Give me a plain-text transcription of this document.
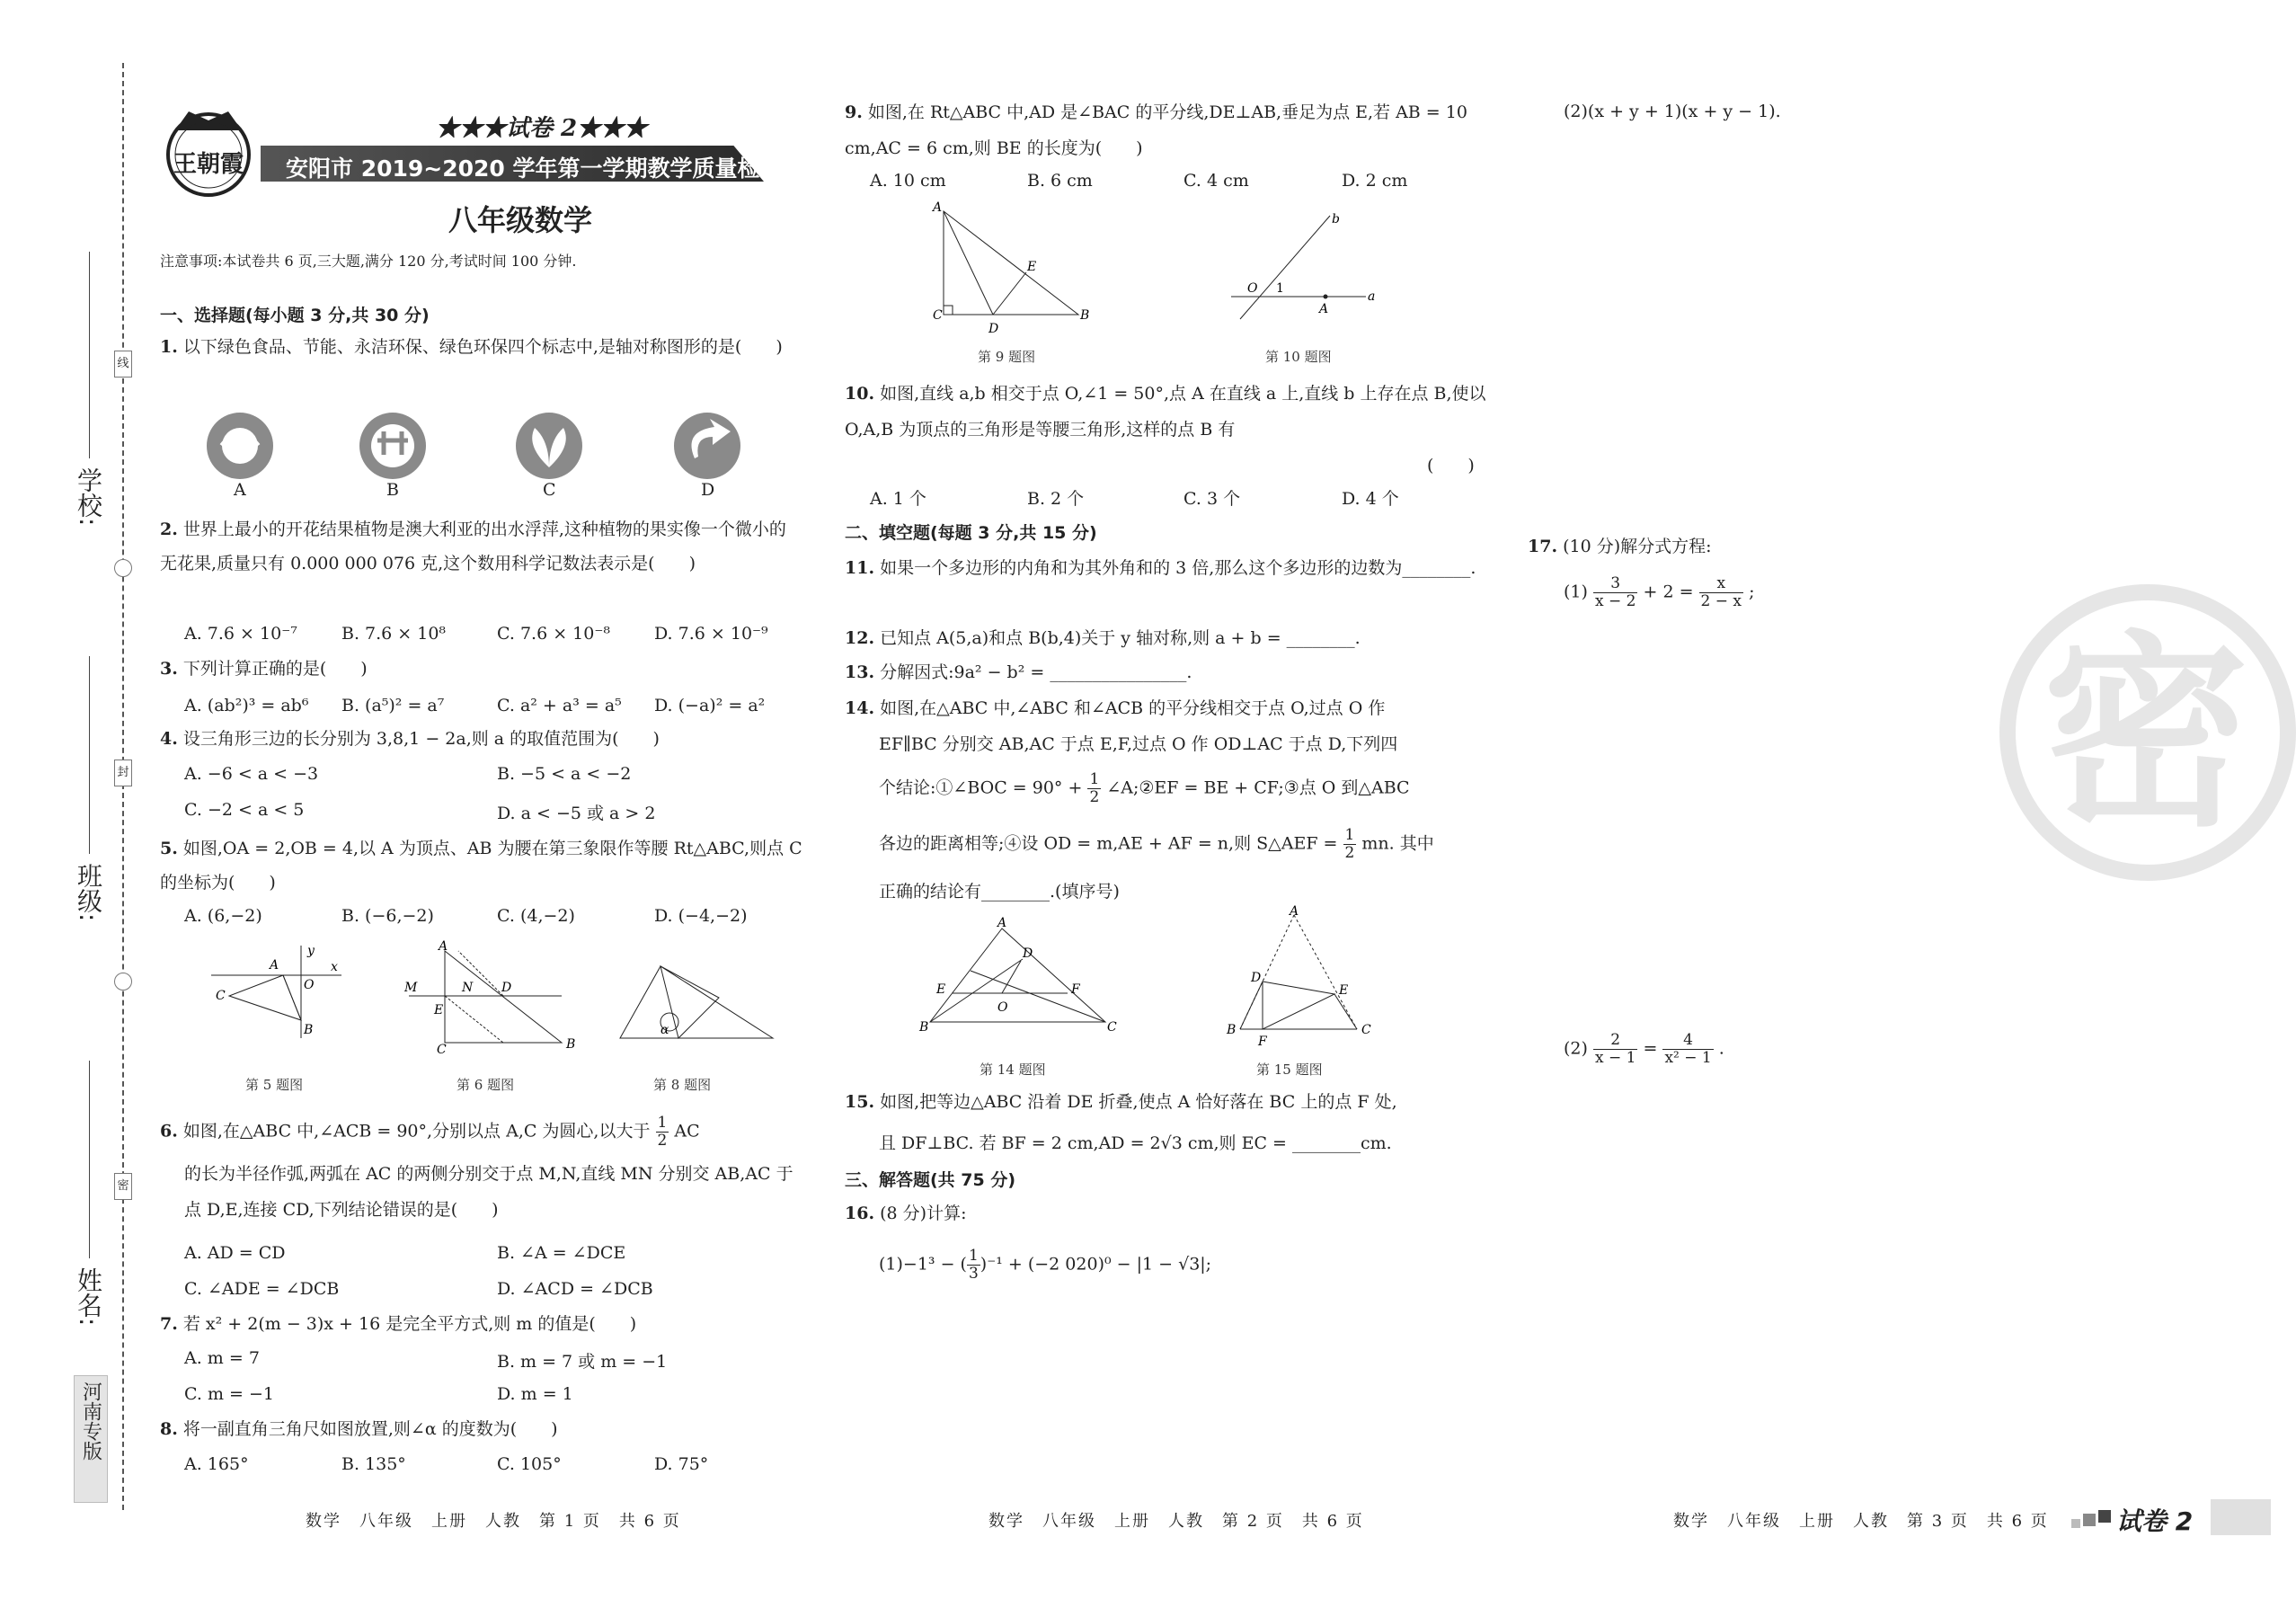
学校:
班级:
姓名:
线
封
密
河南专版
王朝霞
★★★试卷 2★★★
安阳市 2019~2020 学年第一学期教学质量检测试题卷
八年级数学
注意事项:本试卷共 6 页,三大题,满分 120 分,考试时间 100 分钟.
一、选择题(每小题 3 分,共 30 分)
1. 以下绿色食品、节能、永洁环保、绿色环保四个标志中,是轴对称图形的是(　　)
A	B	C	D
2. 世界上最小的开花结果植物是澳大利亚的出水浮萍,这种植物的果实像一个微小的无花果,质量只有 0.000 000 076 克,这个数用科学记数法表示是(　　)
A. 7.6 × 10⁻⁷	B. 7.6 × 10⁸	C. 7.6 × 10⁻⁸	D. 7.6 × 10⁻⁹
3. 下列计算正确的是(　　)
A. (ab²)³ = ab⁶ B. (a⁵)² = a⁷	C. a² + a³ = a⁵ D. (−a)² = a²
4. 设三角形三边的长分别为 3,8,1 − 2a,则 a 的取值范围为(　　)
A. −6 < a < −3	B. −5 < a < −2
C. −2 < a < 5	D. a < −5 或 a > 2
5. 如图,OA = 2,OB = 4,以 A 为顶点、AB 为腰在第三象限作等腰 Rt△ABC,则点 C 的坐标为(　　)
A. (6,−2)	B. (−6,−2)	C. (4,−2)	D. (−4,−2)
A
C
O
B
x
y	A
M	N D
E
C	B
α
第 5 题图	第 6 题图	第 8 题图
6. 如图,在△ABC 中,∠ACB = 90°,分别以点 A,C 为圆心,以大于 $\frac{1}{2}$ AC
的长为半径作弧,两弧在 AC 的两侧分别交于点 M,N,直线 MN 分别交 AB,AC 于点 D,E,连接 CD,下列结论错误的是(　　)
A. AD = CD	B. ∠A = ∠DCE
C. ∠ADE = ∠DCB	D. ∠ACD = ∠DCB
7. 若 x² + 2(m − 3)x + 16 是完全平方式,则 m 的值是(　　)
A. m = 7	B. m = 7 或 m = −1
C. m = −1	D. m = 1
8. 将一副直角三角尺如图放置,则∠α 的度数为(　　)
A. 165°	B. 135°	C. 105°	D. 75°
数学　八年级　上册　人教　第 1 页　共 6 页
9. 如图,在 Rt△ABC 中,AD 是∠BAC 的平分线,DE⊥AB,垂足为点 E,若 AB = 10 cm,AC = 6 cm,则 BE 的长度为(　　)
A. 10 cm	B. 6 cm	C. 4 cm	D. 2 cm
A
C
D
E
B
O 1
A
a
b
第 9 题图	第 10 题图
10. 如图,直线 a,b 相交于点 O,∠1 = 50°,点 A 在直线 a 上,直线 b 上存在点 B,使以 O,A,B 为顶点的三角形是等腰三角形,这样的点 B 有
(　　)
A. 1 个	B. 2 个	C. 3 个	D. 4 个
二、填空题(每题 3 分,共 15 分)
11. 如果一个多边形的内角和为其外角和的 3 倍,那么这个多边形的边数为________.
12. 已知点 A(5,a)和点 B(b,4)关于 y 轴对称,则 a + b = ________.
13. 分解因式:9a² − b² = ________________.
14. 如图,在△ABC 中,∠ABC 和∠ACB 的平分线相交于点 O,过点 O 作
EF∥BC 分别交 AB,AC 于点 E,F,过点 O 作 OD⊥AC 于点 D,下列四
个结论:①∠BOC = $90^\circ + \frac{1}{2}$ ∠A;②EF = BE + CF;③点 O 到△ABC
各边的距离相等;④设 OD = m,AE + AF = n,则 S△AEF = $\frac{1}{2}$ mn. 其中
正确的结论有________.(填序号)
A
D
E	F
O
B	C
A
D
E
B
F
C
第 14 题图	第 15 题图
15. 如图,把等边△ABC 沿着 DE 折叠,使点 A 恰好落在 BC 上的点 F 处,
且 DF⊥BC. 若 BF = 2 cm,AD = 2√3 cm,则 EC = ________cm.
三、解答题(共 75 分)
16. (8 分)计算:
(1)−1³ − ( $\frac{1}{3} )^{-1} + (-2$ 020)⁰ − |1 − √3|;
数学　八年级　上册　人教　第 2 页　共 6 页
(2)(x + y + 1)(x + y − 1).
17. (10 分)解分式方程:
$(1) \frac{3}{x - 2} + 2 = \frac{x}{2 - x}$ ;
$(2) \frac{2}{x - 1} = \frac{4}{\text{x² − 1}}$ .
密
数学　八年级　上册　人教　第 3 页　共 6 页	试卷 2
